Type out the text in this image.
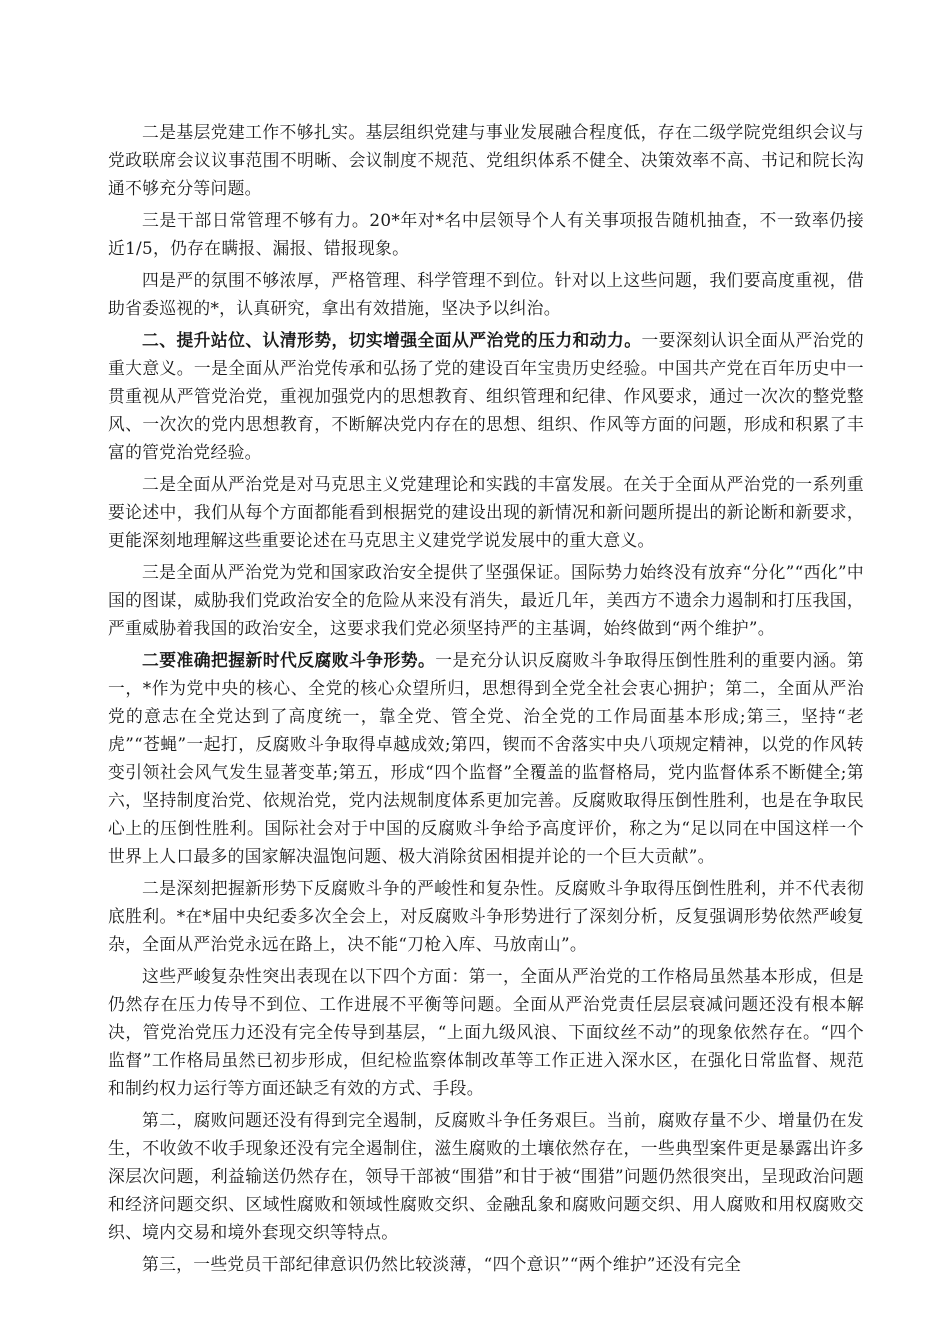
二是基层党建工作不够扎实。基层组织党建与事业发展融合程度低，存在二级学院党组织会议与党政联席会议议事范围不明晰、会议制度不规范、党组织体系不健全、决策效率不高、书记和院长沟通不够充分等问题。

三是干部日常管理不够有力。20*年对*名中层领导个人有关事项报告随机抽查，不一致率仍接近1/5，仍存在瞒报、漏报、错报现象。

四是严的氛围不够浓厚，严格管理、科学管理不到位。针对以上这些问题，我们要高度重视，借助省委巡视的*，认真研究，拿出有效措施，坚决予以纠治。

二、提升站位、认清形势，切实增强全面从严治党的压力和动力。一要深刻认识全面从严治党的重大意义。一是全面从严治党传承和弘扬了党的建设百年宝贵历史经验。中国共产党在百年历史中一贯重视从严管党治党，重视加强党内的思想教育、组织管理和纪律、作风要求，通过一次次的整党整风、一次次的党内思想教育，不断解决党内存在的思想、组织、作风等方面的问题，形成和积累了丰富的管党治党经验。

二是全面从严治党是对马克思主义党建理论和实践的丰富发展。在关于全面从严治党的一系列重要论述中，我们从每个方面都能看到根据党的建设出现的新情况和新问题所提出的新论断和新要求，更能深刻地理解这些重要论述在马克思主义建党学说发展中的重大意义。

三是全面从严治党为党和国家政治安全提供了坚强保证。国际势力始终没有放弃“分化”“西化”中国的图谋，威胁我们党政治安全的危险从来没有消失，最近几年，美西方不遗余力遏制和打压我国，严重威胁着我国的政治安全，这要求我们党必须坚持严的主基调，始终做到“两个维护”。

二要准确把握新时代反腐败斗争形势。一是充分认识反腐败斗争取得压倒性胜利的重要内涵。第一，*作为党中央的核心、全党的核心众望所归，思想得到全党全社会衷心拥护；第二，全面从严治党的意志在全党达到了高度统一，靠全党、管全党、治全党的工作局面基本形成;第三，坚持“老虎”“苍蝇”一起打，反腐败斗争取得卓越成效;第四，锲而不舍落实中央八项规定精神，以党的作风转变引领社会风气发生显著变革;第五，形成“四个监督”全覆盖的监督格局，党内监督体系不断健全;第六，坚持制度治党、依规治党，党内法规制度体系更加完善。反腐败取得压倒性胜利，也是在争取民心上的压倒性胜利。国际社会对于中国的反腐败斗争给予高度评价，称之为“足以同在中国这样一个世界上人口最多的国家解决温饱问题、极大消除贫困相提并论的一个巨大贡献”。

二是深刻把握新形势下反腐败斗争的严峻性和复杂性。反腐败斗争取得压倒性胜利，并不代表彻底胜利。*在*届中央纪委多次全会上，对反腐败斗争形势进行了深刻分析，反复强调形势依然严峻复杂，全面从严治党永远在路上，决不能“刀枪入库、马放南山”。

这些严峻复杂性突出表现在以下四个方面：第一，全面从严治党的工作格局虽然基本形成，但是仍然存在压力传导不到位、工作进展不平衡等问题。全面从严治党责任层层衰减问题还没有根本解决，管党治党压力还没有完全传导到基层，“上面九级风浪、下面纹丝不动”的现象依然存在。“四个监督”工作格局虽然已初步形成，但纪检监察体制改革等工作正进入深水区，在强化日常监督、规范和制约权力运行等方面还缺乏有效的方式、手段。

第二，腐败问题还没有得到完全遏制，反腐败斗争任务艰巨。当前，腐败存量不少、增量仍在发生，不收敛不收手现象还没有完全遏制住，滋生腐败的土壤依然存在，一些典型案件更是暴露出许多深层次问题，利益输送仍然存在，领导干部被“围猎”和甘于被“围猎”问题仍然很突出，呈现政治问题和经济问题交织、区域性腐败和领域性腐败交织、金融乱象和腐败问题交织、用人腐败和用权腐败交织、境内交易和境外套现交织等特点。

第三，一些党员干部纪律意识仍然比较淡薄，“四个意识”“两个维护”还没有完全
